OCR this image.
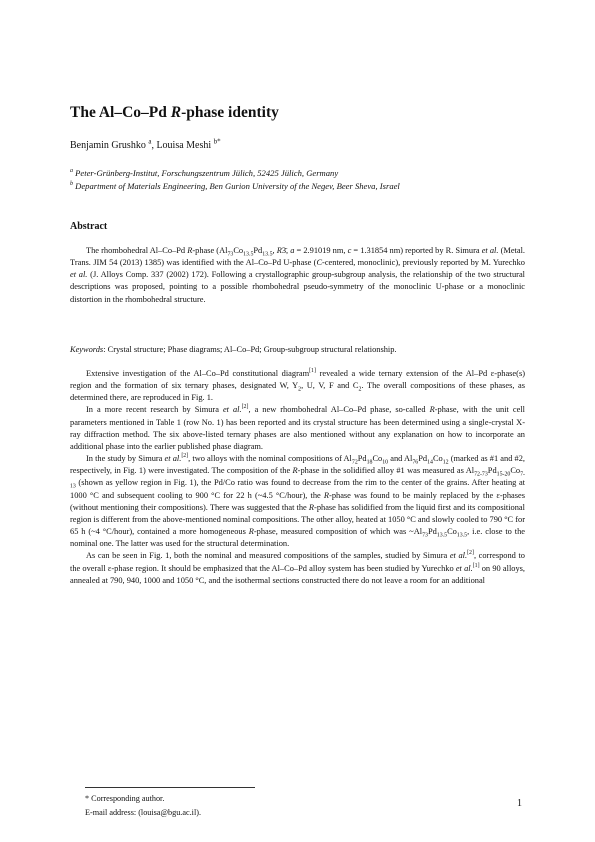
The Al–Co–Pd R-phase identity
Benjamin Grushko $^a$, Louisa Meshi $^{b*}$
$^a$ Peter-Grünberg-Institut, Forschungszentrum Jülich, 52425 Jülich, Germany
$^b$ Department of Materials Engineering, Ben Gurion University of the Negev, Beer Sheva, Israel
Abstract

The rhombohedral Al–Co–Pd R-phase ($Al_{73}Co_{13.5}Pd_{13.5}$, R3̄, a = 2.91019 nm, c = 1.31854 nm) reported by R. Simura et al. (Metal. Trans. JIM 54 (2013) 1385) was identified with the Al–Co–Pd U-phase (C-centered, monoclinic), previously reported by M. Yurechko et al. (J. Alloys Comp. 337 (2002) 172). Following a crystallographic group-subgroup analysis, the relationship of the two structural descriptions was proposed, pointing to a possible rhombohedral pseudo-symmetry of the monoclinic U-phase or a monoclinic distortion in the rhombohedral structure.

Keywords: Crystal structure; Phase diagrams; Al–Co–Pd; Group-subgroup structural relationship.

Extensive investigation of the Al–Co–Pd constitutional diagram[1] revealed a wide ternary extension of the Al–Pd ε-phase(s) region and the formation of six ternary phases, designated W, $Y_2$, U, V, F and $C_2$. The overall compositions of these phases, as determined there, are reproduced in Fig. 1.

In a more recent research by Simura et al.[2], a new rhombohedral Al–Co–Pd phase, so-called R-phase, with the unit cell parameters mentioned in Table 1 (row No. 1) has been reported and its crystal structure has been determined using a single-crystal X-ray diffraction method. The six above-listed ternary phases are also mentioned without any explanation on how to incorporate an additional phase into the earlier published phase diagram.

In the study by Simura et al.[2], two alloys with the nominal compositions of $Al_{72}Pd_{18}Co_{10}$ and $Al_{76}Pd_{14}Co_{12}$ (marked as #1 and #2, respectively, in Fig. 1) were investigated. The composition of the R-phase in the solidified alloy #1 was measured as $Al_{72-73}Pd_{15-20}Co_{7-13}$ (shown as yellow region in Fig. 1), the Pd/Co ratio was found to decrease from the rim to the center of the grains. After heating at 1000 °C and subsequent cooling to 900 °C for 22 h (~4.5 °C/hour), the R-phase was found to be mainly replaced by the ε-phases (without mentioning their compositions). There was suggested that the R-phase has solidified from the liquid first and its compositional region is different from the above-mentioned nominal compositions. The other alloy, heated at 1050 °C and slowly cooled to 790 °C for 65 h (~4 °C/hour), contained a more homogeneous R-phase, measured composition of which was $\sim Al_{73}Pd_{13.5}Co_{13.5}$, i.e. close to the nominal one. The latter was used for the structural determination.

As can be seen in Fig. 1, both the nominal and measured compositions of the samples, studied by Simura et al.[2], correspond to the overall ε-phase region. It should be emphasized that the Al–Co–Pd alloy system has been studied by Yurechko et al.[1] on 90 alloys, annealed at 790, 940, 1000 and 1050 °C, and the isothermal sections constructed there do not leave a room for an additional

* Corresponding author.
E-mail address: (louisa@bgu.ac.il).
1
